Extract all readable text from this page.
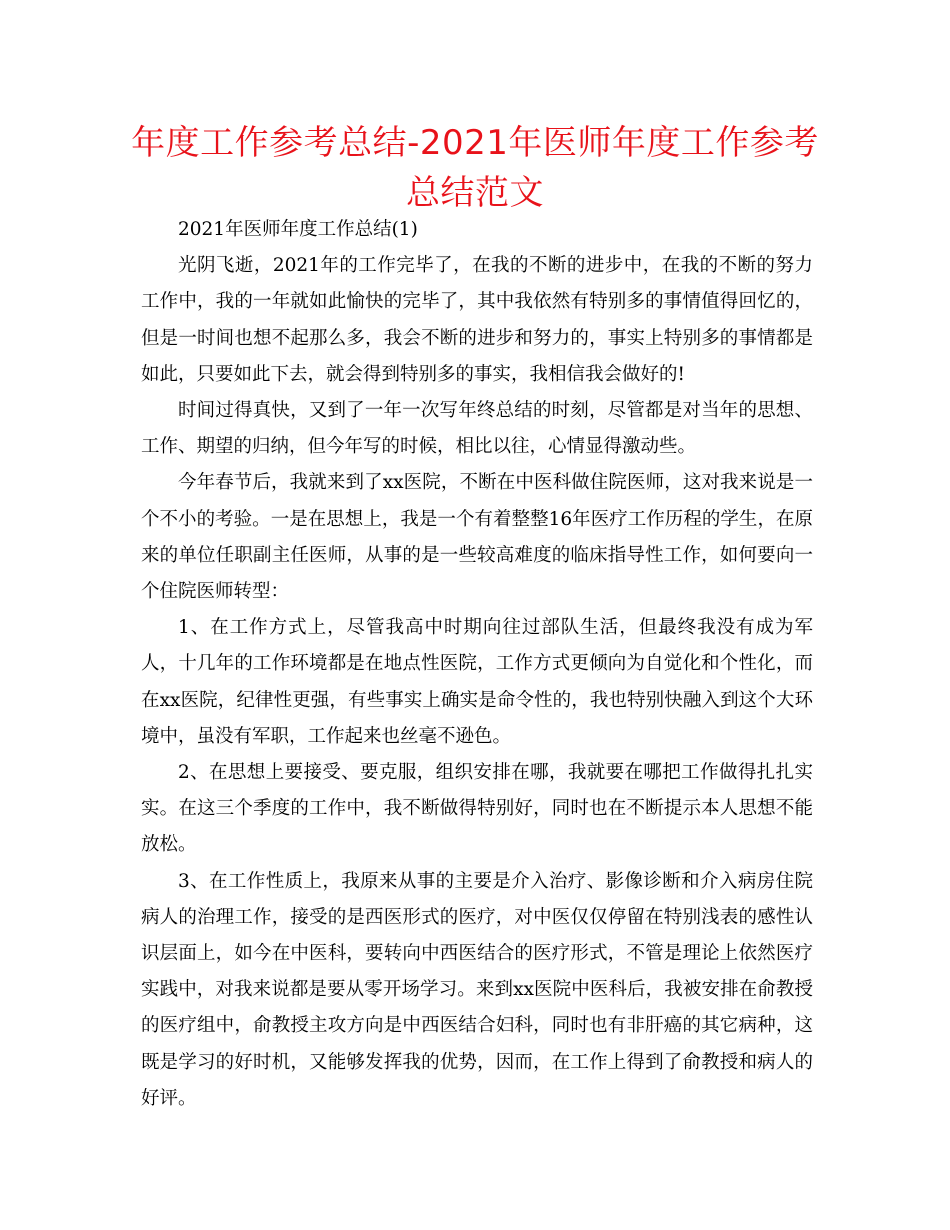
年度工作参考总结-2021年医师年度工作参考总结范文

2021年医师年度工作总结(1)

光阴飞逝，2021年的工作完毕了，在我的不断的进步中，在我的不断的努力工作中，我的一年就如此愉快的完毕了，其中我依然有特别多的事情值得回忆的，但是一时间也想不起那么多，我会不断的进步和努力的，事实上特别多的事情都是如此，只要如此下去，就会得到特别多的事实，我相信我会做好的!

时间过得真快，又到了一年一次写年终总结的时刻，尽管都是对当年的思想、工作、期望的归纳，但今年写的时候，相比以往，心情显得激动些。

今年春节后，我就来到了xx医院，不断在中医科做住院医师，这对我来说是一个不小的考验。一是在思想上，我是一个有着整整16年医疗工作历程的学生，在原来的单位任职副主任医师，从事的是一些较高难度的临床指导性工作，如何要向一个住院医师转型：

1、在工作方式上，尽管我高中时期向往过部队生活，但最终我没有成为军人，十几年的工作环境都是在地点性医院，工作方式更倾向为自觉化和个性化，而在xx医院，纪律性更强，有些事实上确实是命令性的，我也特别快融入到这个大环境中，虽没有军职，工作起来也丝毫不逊色。

2、在思想上要接受、要克服，组织安排在哪，我就要在哪把工作做得扎扎实实。在这三个季度的工作中，我不断做得特别好，同时也在不断提示本人思想不能放松。

3、在工作性质上，我原来从事的主要是介入治疗、影像诊断和介入病房住院病人的治理工作，接受的是西医形式的医疗，对中医仅仅停留在特别浅表的感性认识层面上，如今在中医科，要转向中西医结合的医疗形式，不管是理论上依然医疗实践中，对我来说都是要从零开场学习。来到xx医院中医科后，我被安排在俞教授的医疗组中，俞教授主攻方向是中西医结合妇科，同时也有非肝癌的其它病种，这既是学习的好时机，又能够发挥我的优势，因而，在工作上得到了俞教授和病人的好评。
